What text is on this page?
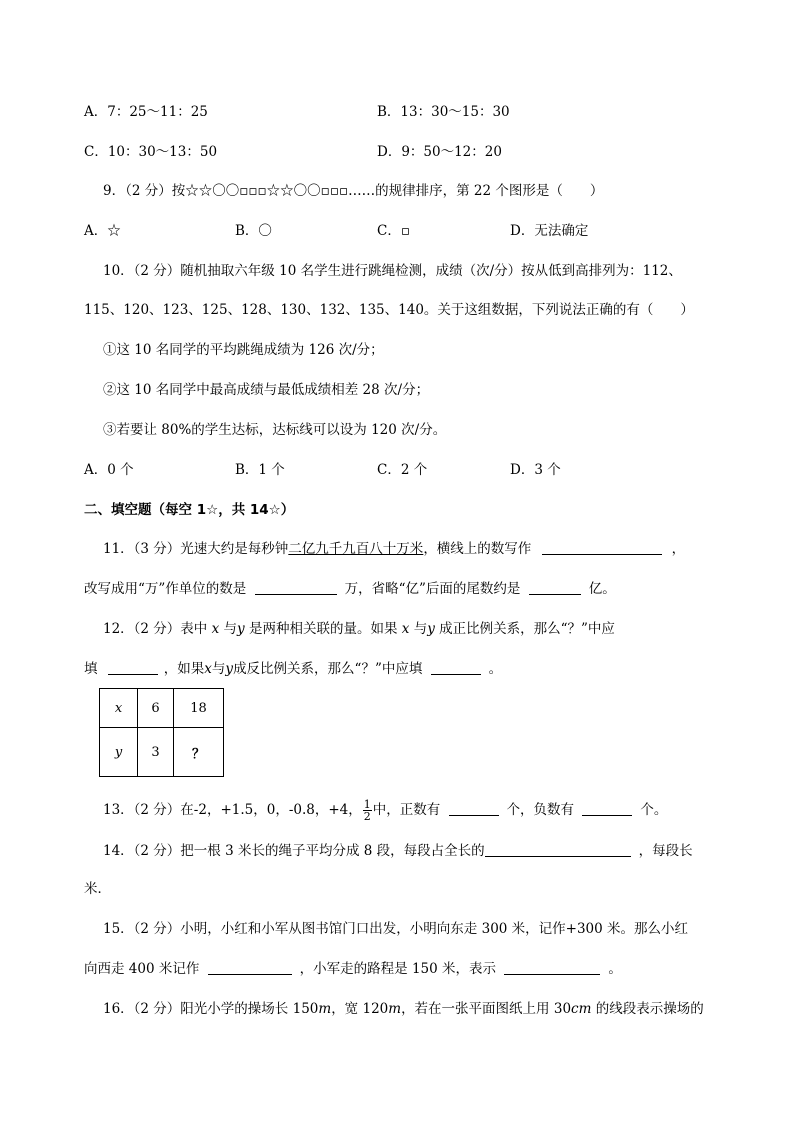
A．7：25～11：25	B．13：30～15：30
C．10：30～13：50	D．9：50～12：20
9．（2 分）按☆☆〇〇▫▫▫☆☆〇〇▫▫▫……的规律排序，第 22 个图形是（　　）
A．☆	B．〇	C．▫	D．无法确定
10．（2 分）随机抽取六年级 10 名学生进行跳绳检测，成绩（次/分）按从低到高排列为：112、
115、120、123、125、128、130、132、135、140。关于这组数据，下列说法正确的有（　　）
①这 10 名同学的平均跳绳成绩为 126 次/分；
②这 10 名同学中最高成绩与最低成绩相差 28 次/分；
③若要让 80%的学生达标，达标线可以设为 120 次/分。
A．0 个	B．1 个	C．2 个	D．3 个
二、填空题（每空 1☆，共 14☆）
11．（3 分）光速大约是每秒钟二亿九千九百八十万米，横线上的数写作	，
改写成用“万”作单位的数是	万，省略“亿”后面的尾数约是	亿。
12．（2 分）表中 x 与y 是两种相关联的量。如果 x 与y 成正比例关系，那么“？”中应
填	，如果x与y成反比例关系，那么“？”中应填	。
x	6	18
y	3	？
13．（2 分）在-2，+1.5，0，-0.8，+4， $\frac{1}{2}$ 中，正数有	个，负数有	个。
14．（2 分）把一根 3 米长的绳子平均分成 8 段，每段占全长的	，每段长
米．
15．（2 分）小明，小红和小军从图书馆门口出发，小明向东走 300 米，记作+300 米。那么小红
向西走 400 米记作	，小军走的路程是 150 米，表示	。
16．（2 分）阳光小学的操场长 150m，宽 120m，若在一张平面图纸上用 30cm 的线段表示操场的
